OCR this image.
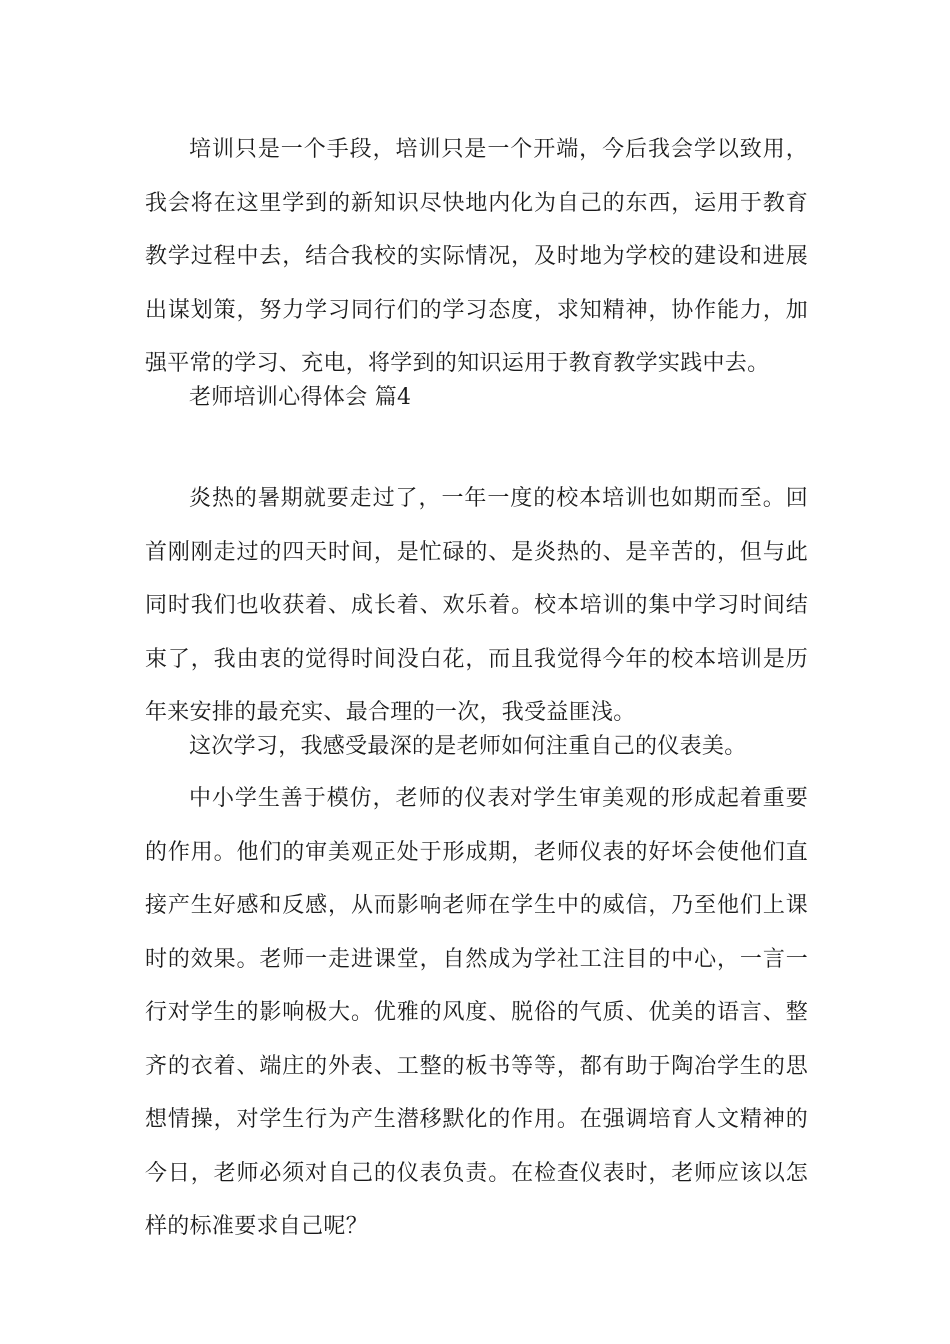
培训只是一个手段，培训只是一个开端，今后我会学以致用，我会将在这里学到的新知识尽快地内化为自己的东西，运用于教育教学过程中去，结合我校的实际情况，及时地为学校的建设和进展出谋划策，努力学习同行们的学习态度，求知精神，协作能力，加强平常的学习、充电，将学到的知识运用于教育教学实践中去。

老师培训心得体会 篇4

炎热的暑期就要走过了，一年一度的校本培训也如期而至。回首刚刚走过的四天时间，是忙碌的、是炎热的、是辛苦的，但与此同时我们也收获着、成长着、欢乐着。校本培训的集中学习时间结束了，我由衷的觉得时间没白花，而且我觉得今年的校本培训是历年来安排的最充实、最合理的一次，我受益匪浅。

这次学习，我感受最深的是老师如何注重自己的仪表美。

中小学生善于模仿，老师的仪表对学生审美观的形成起着重要的作用。他们的审美观正处于形成期，老师仪表的好坏会使他们直接产生好感和反感，从而影响老师在学生中的威信，乃至他们上课时的效果。老师一走进课堂，自然成为学社工注目的中心，一言一行对学生的影响极大。优雅的风度、脱俗的气质、优美的语言、整齐的衣着、端庄的外表、工整的板书等等，都有助于陶冶学生的思想情操，对学生行为产生潜移默化的作用。在强调培育人文精神的今日，老师必须对自己的仪表负责。在检查仪表时，老师应该以怎样的标准要求自己呢？
